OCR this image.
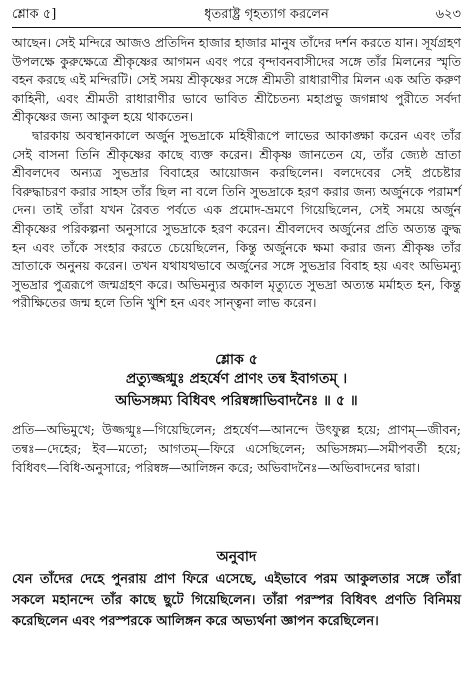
শ্লোক ৫]	ধৃতরাষ্ট্র গৃহত্যাগ করলেন	৬২৩

আছেন। সেই মন্দিরে আজও প্রতিদিন হাজার হাজার মানুষ তাঁদের দর্শন করতে যান। সূর্যগ্রহণ উপলক্ষে কুরুক্ষেত্রে শ্রীকৃষ্ণের আগমন এবং পরে বৃন্দাবনবাসীদের সঙ্গে তাঁর মিলনের স্মৃতি বহন করছে এই মন্দিরটি। সেই সময় শ্রীকৃষ্ণের সঙ্গে শ্রীমতী রাধারাণীর মিলন এক অতি করুণ কাহিনী, এবং শ্রীমতী রাধারাণীর ভাবে ভাবিত শ্রীচৈতন্য মহাপ্রভু জগন্নাথ পুরীতে সর্বদা শ্রীকৃষ্ণের জন্য আকুল হয়ে থাকতেন।

দ্বারকায় অবস্থানকালে অর্জুন সুভদ্রাকে মহিষীরূপে লাভের আকাঙ্ক্ষা করেন এবং তাঁর সেই বাসনা তিনি শ্রীকৃষ্ণের কাছে ব্যক্ত করেন। শ্রীকৃষ্ণ জানতেন যে, তাঁর জ্যেষ্ঠ ভ্রাতা শ্রীবলদেব অন্যত্র সুভদ্রার বিবাহের আয়োজন করছিলেন। বলদেবের সেই প্রচেষ্টার বিরুদ্ধাচরণ করার সাহস তাঁর ছিল না বলে তিনি সুভদ্রাকে হরণ করার জন্য অর্জুনকে পরামর্শ দেন। তাই তাঁরা যখন রৈবত পর্বতে এক প্রমোদ-ভ্রমণে গিয়েছিলেন, সেই সময়ে অর্জুন শ্রীকৃষ্ণের পরিকল্পনা অনুসারে সুভদ্রাকে হরণ করেন। শ্রীবলদেব অর্জুনের প্রতি অত্যন্ত ক্রুদ্ধ হন এবং তাঁকে সংহার করতে চেয়েছিলেন, কিন্তু অর্জুনকে ক্ষমা করার জন্য শ্রীকৃষ্ণ তাঁর ভ্রাতাকে অনুনয় করেন। তখন যথাযথভাবে অর্জুনের সঙ্গে সুভদ্রার বিবাহ হয় এবং অভিমন্যু সুভদ্রার পুত্ররূপে জন্মগ্রহণ করে। অভিমন্যুর অকাল মৃত্যুতে সুভদ্রা অত্যন্ত মর্মাহত হন, কিন্তু পরীক্ষিতের জন্ম হলে তিনি খুশি হন এবং সান্ত্বনা লাভ করেন।

শ্লোক ৫
প্রত্যুজ্জগ্মুঃ প্রহর্ষেণ প্রাণং তন্ব ইবাগতম্ ।
অভিসঙ্গম্য বিধিবৎ পরিষ্বঙ্গাভিবাদনৈঃ ॥ ৫ ॥

প্রতি—অভিমুখে; উজ্জগ্মুঃ—গিয়েছিলেন; প্রহর্ষেণ—আনন্দে উৎফুল্ল হয়ে; প্রাণম্—জীবন; তন্বঃ—দেহের; ইব—মতো; আগতম্—ফিরে এসেছিলেন; অভিসঙ্গম্য—সমীপবর্তী হয়ে; বিধিবৎ—বিধি-অনুসারে; পরিষ্বঙ্গ—আলিঙ্গন করে; অভিবাদনৈঃ—অভিবাদনের দ্বারা।

অনুবাদ
যেন তাঁদের দেহে পুনরায় প্রাণ ফিরে এসেছে, এইভাবে পরম আকুলতার সঙ্গে তাঁরা সকলে মহানন্দে তাঁর কাছে ছুটে গিয়েছিলেন। তাঁরা পরস্পর বিধিবৎ প্রণতি বিনিময় করেছিলেন এবং পরস্পরকে আলিঙ্গন করে অভ্যর্থনা জ্ঞাপন করেছিলেন।
